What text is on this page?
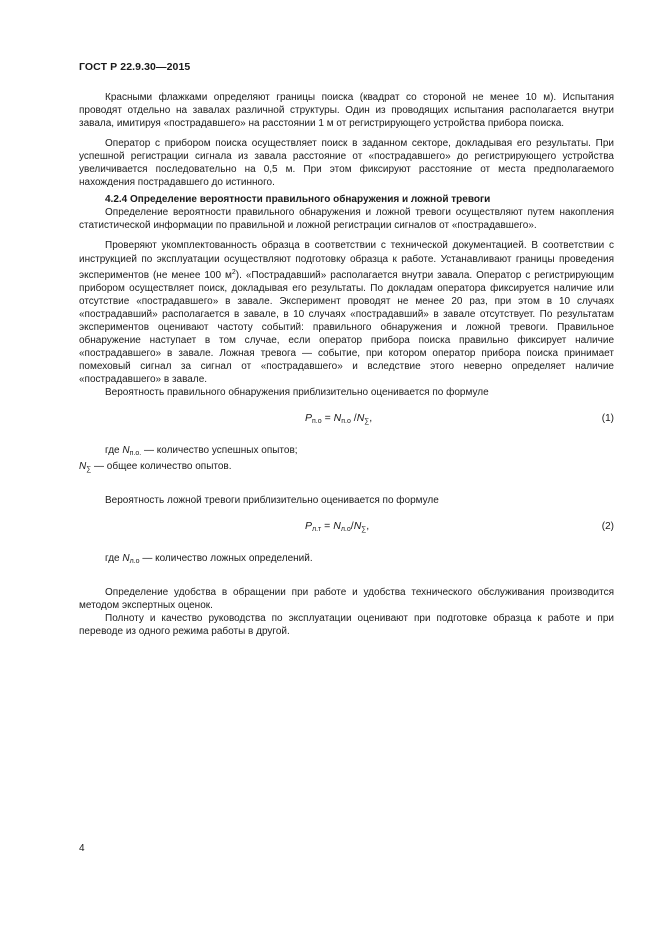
ГОСТ Р 22.9.30—2015

Красными флажками определяют границы поиска (квадрат со стороной не менее 10 м). Испытания проводят отдельно на завалах различной структуры. Один из проводящих испытания располагается внутри завала, имитируя «пострадавшего» на расстоянии 1 м от регистрирующего устройства прибора поиска.

Оператор с прибором поиска осуществляет поиск в заданном секторе, докладывая его результаты. При успешной регистрации сигнала из завала расстояние от «пострадавшего» до регистрирующего устройства увеличивается последовательно на 0,5 м. При этом фиксируют расстояние от места предполагаемого нахождения пострадавшего до истинного.

4.2.4 Определение вероятности правильного обнаружения и ложной тревоги

Определение вероятности правильного обнаружения и ложной тревоги осуществляют путем накопления статистической информации по правильной и ложной регистрации сигналов от «пострадавшего».

Проверяют укомплектованность образца в соответствии с технической документацией. В соответствии с инструкцией по эксплуатации осуществляют подготовку образца к работе. Устанавливают границы проведения экспериментов (не менее 100 $м^2$). «Пострадавший» располагается внутри завала. Оператор с регистрирующим прибором осуществляет поиск, докладывая его результаты. По докладам оператора фиксируется наличие или отсутствие «пострадавшего» в завале. Эксперимент проводят не менее 20 раз, при этом в 10 случаях «пострадавший» располагается в завале, в 10 случаях «пострадавший» в завале отсутствует. По результатам экспериментов оценивают частоту событий: правильного обнаружения и ложной тревоги. Правильное обнаружение наступает в том случае, если оператор прибора поиска правильно фиксирует наличие «пострадавшего» в завале. Ложная тревога — событие, при котором оператор прибора поиска принимает помеховый сигнал за сигнал от «пострадавшего» и вследствие этого неверно определяет наличие «пострадавшего» в завале.

Вероятность правильного обнаружения приблизительно оценивается по формуле

$P_{п.о} = N_{п.о}$ $/N_\sum$,	(1)

где $N_{п.о.}$ — количество успешных опытов;

$N_\sum$ — общее количество опытов.

Вероятность ложной тревоги приблизительно оценивается по формуле

$P_{л.т} = N_{л.о}/N_\sum$,	(2)

где $N_{л.о}$ — количество ложных определений.

Определение удобства в обращении при работе и удобства технического обслуживания производится методом экспертных оценок.

Полноту и качество руководства по эксплуатации оценивают при подготовке образца к работе и при переводе из одного режима работы в другой.

4
